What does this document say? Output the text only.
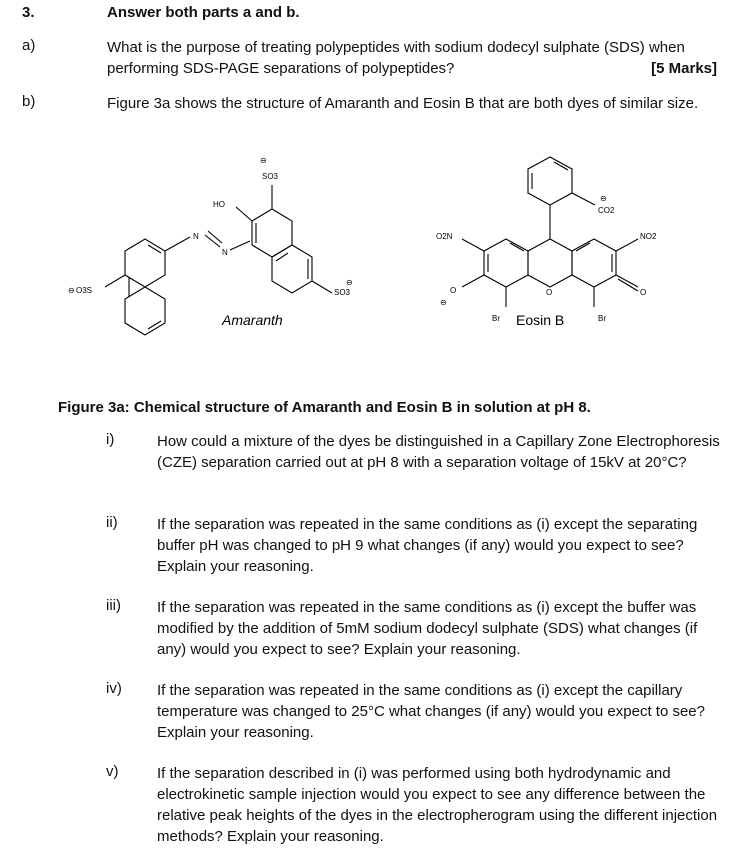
3.	Answer both parts a and b.
a)	What is the purpose of treating polypeptides with sodium dodecyl sulphate (SDS) when performing SDS-PAGE separations of polypeptides?	[5 Marks]
b)	Figure 3a shows the structure of Amaranth and Eosin B that are both dyes of similar size.
⊖
SO3
HO
N
N
⊖ O3S	SO3
⊖
Amaranth
CO2
⊖
O2N	NO2
O	O
O
⊖
Br	Br
Eosin B
Figure 3a: Chemical structure of Amaranth and Eosin B in solution at pH 8.
i)	How could a mixture of the dyes be distinguished in a Capillary Zone Electrophoresis (CZE) separation carried out at pH 8 with a separation voltage of 15kV at 20°C?
ii)	If the separation was repeated in the same conditions as (i) except the separating buffer pH was changed to pH 9 what changes (if any) would you expect to see? Explain your reasoning.
iii) If the separation was repeated in the same conditions as (i) except the buffer was modified by the addition of 5mM sodium dodecyl sulphate (SDS) what changes (if any) would you expect to see? Explain your reasoning.
iv) If the separation was repeated in the same conditions as (i) except the capillary temperature was changed to 25°C what changes (if any) would you expect to see? Explain your reasoning.
v)	If the separation described in (i) was performed using both hydrodynamic and electrokinetic sample injection would you expect to see any difference between the relative peak heights of the dyes in the electropherogram using the different injection methods? Explain your reasoning.
